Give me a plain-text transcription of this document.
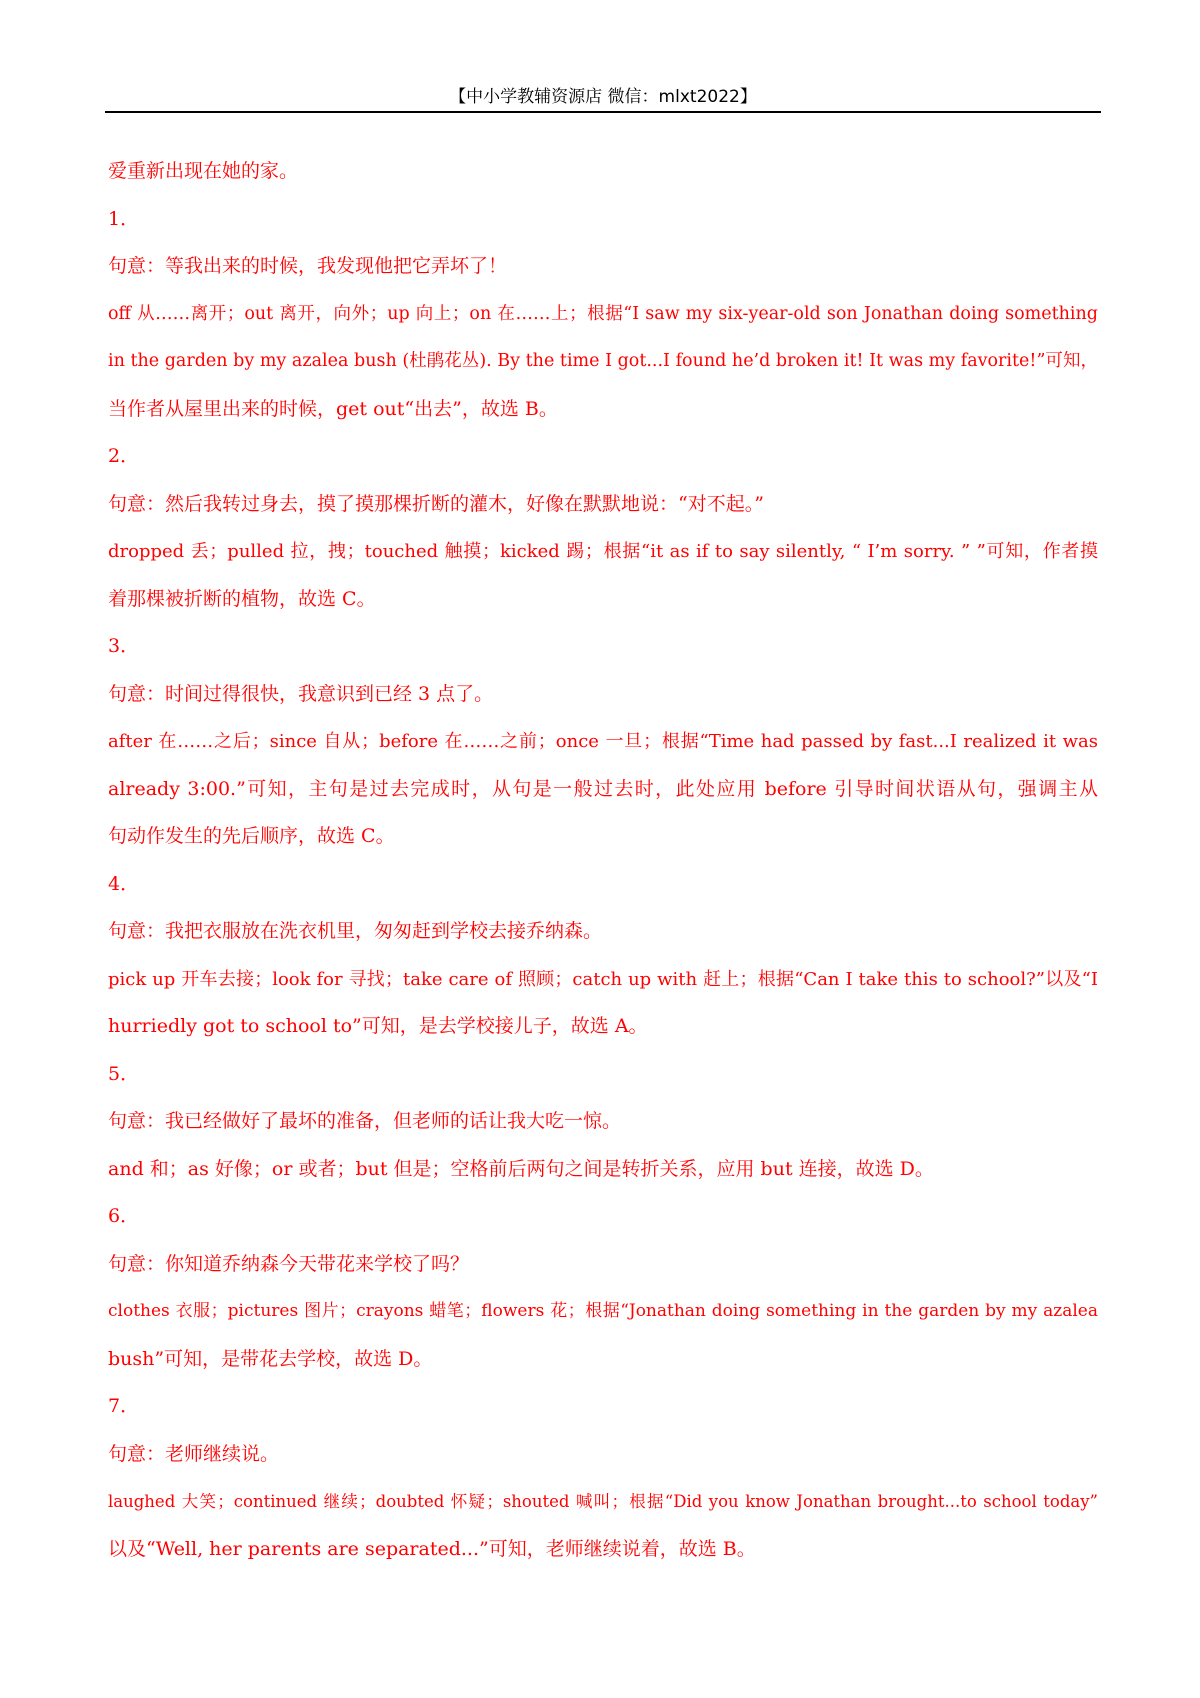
【中小学教辅资源店 微信：mlxt2022】

爱重新出现在她的家。

1．

句意：等我出来的时候，我发现他把它弄坏了！

off 从……离开；out 离开，向外；up 向上；on 在……上；根据“I saw my six-year-old son Jonathan doing something

in the garden by my azalea bush (杜鹃花丛). By the time I got...I found he’d broken it! It was my favorite!”可知，

当作者从屋里出来的时候，get out“出去”，故选 B。

2．

句意：然后我转过身去，摸了摸那棵折断的灌木，好像在默默地说：“对不起。”

dropped 丢；pulled 拉，拽；touched 触摸；kicked 踢；根据“it as if to say silently, “ I’m sorry. ” ”可知，作者摸

着那棵被折断的植物，故选 C。

3．

句意：时间过得很快，我意识到已经 3 点了。

after 在……之后；since 自从；before 在……之前；once 一旦；根据“Time had passed by fast...I realized it was

already 3:00.”可知，主句是过去完成时，从句是一般过去时，此处应用 before 引导时间状语从句，强调主从

句动作发生的先后顺序，故选 C。

4．

句意：我把衣服放在洗衣机里，匆匆赶到学校去接乔纳森。

pick up 开车去接；look for 寻找；take care of 照顾；catch up with 赶上；根据“Can I take this to school?”以及“I

hurriedly got to school to”可知，是去学校接儿子，故选 A。

5．

句意：我已经做好了最坏的准备，但老师的话让我大吃一惊。

and 和；as 好像；or 或者；but 但是；空格前后两句之间是转折关系，应用 but 连接，故选 D。

6．

句意：你知道乔纳森今天带花来学校了吗？

clothes 衣服；pictures 图片；crayons 蜡笔；flowers 花；根据“Jonathan doing something in the garden by my azalea

bush”可知，是带花去学校，故选 D。

7．

句意：老师继续说。

laughed 大笑；continued 继续；doubted 怀疑；shouted 喊叫；根据“Did you know Jonathan brought...to school today”

以及“Well, her parents are separated...”可知，老师继续说着，故选 B。
